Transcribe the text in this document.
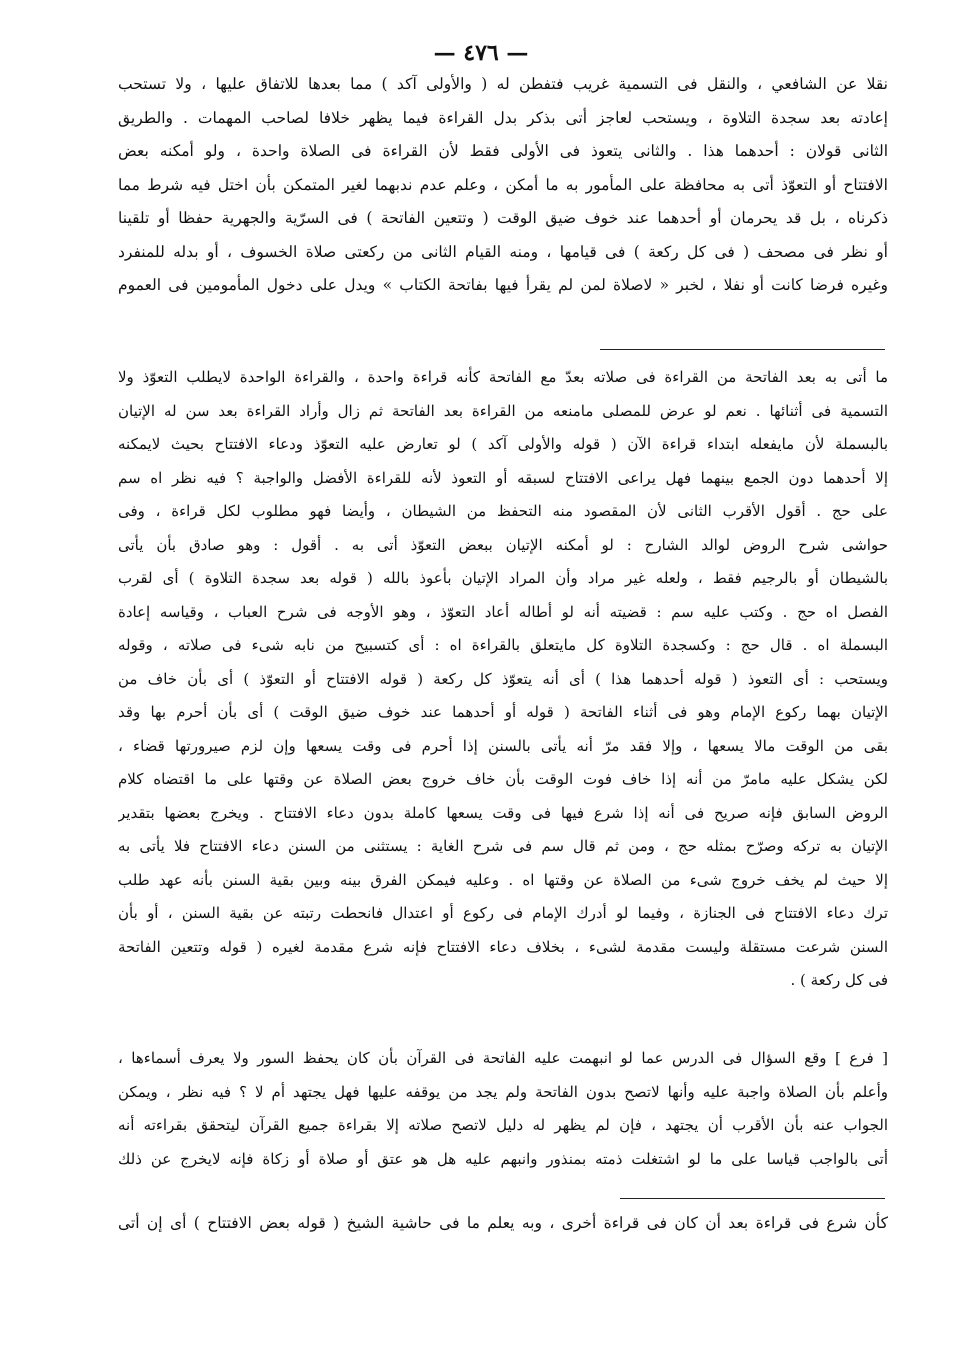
— ٤٧٦ —
نقلا عن الشافعي ، والنقل فى التسمية غريب فتفطن له ( والأولى آكد ) مما بعدها للاتفاق عليها ، ولا تستحب
إعادته بعد سجدة التلاوة ، ويستحب لعاجز أتى بذكر بدل القراءة فيما يظهر خلافا لصاحب المهمات . والطريق
الثانى قولان : أحدهما هذا . والثانى يتعوذ فى الأولى فقط لأن القراءة فى الصلاة واحدة ، ولو أمكنه بعض
الافتتاح أو التعوّذ أتى به محافظة على المأمور به ما أمكن ، وعلم عدم ندبهما لغير المتمكن بأن اختل فيه شرط مما
ذكرناه ، بل قد يحرمان أو أحدهما عند خوف ضيق الوقت ( وتتعين الفاتحة ) فى السرّية والجهرية حفظا أو تلقينا
أو نظر فى مصحف ( فى كل ركعة ) فى قيامها ، ومنه القيام الثانى من ركعتى صلاة الخسوف ، أو بدله للمنفرد
وغيره فرضا كانت أو نفلا ، لخبر « لاصلاة لمن لم يقرأ فيها بفاتحة الكتاب » ويدل على دخول المأمومين فى العموم
ما أتى به بعد الفاتحة من القراءة فى صلاته بعدّ مع الفاتحة كأنه قراءة واحدة ، والقراءة الواحدة لايطلب التعوّذ ولا
التسمية فى أثنائها . نعم لو عرض للمصلى مامنعه من القراءة بعد الفاتحة ثم زال وأراد القراءة بعد سن له الإتيان
بالبسملة لأن مايفعله ابتداء قراءة الآن ( قوله والأولى آكد ) لو تعارض عليه التعوّذ ودعاء الافتتاح بحيث لايمكنه
إلا أحدهما دون الجمع بينهما فهل يراعى الافتتاح لسبقه أو التعوذ لأنه للقراءة الأفضل والواجبة ؟ فيه نظر اه سم
على حج . أقول الأقرب الثانى لأن المقصود منه التحفظ من الشيطان ، وأيضا فهو مطلوب لكل قراءة ، وفى
حواشى شرح الروض لوالد الشارح : لو أمكنه الإتيان ببعض التعوّذ أتى به . أقول : وهو صادق بأن يأتى
بالشيطان أو بالرجيم فقط ، ولعله غير مراد وأن المراد الإتيان بأعوذ بالله ( قوله بعد سجدة التلاوة ) أى لقرب
الفصل اه حج . وكتب عليه سم : قضيته أنه لو أطاله أعاد التعوّذ ، وهو الأوجه فى شرح العباب ، وقياسه إعادة
البسملة اه . قال حج : وكسجدة التلاوة كل مايتعلق بالقراءة اه : أى كتسبيح من نابه شىء فى صلاته ، وقوله
ويستحب : أى التعوذ ( قوله أحدهما هذا ) أى أنه يتعوّذ كل ركعة ( قوله الافتتاح أو التعوّذ ) أى بأن خاف من
الإتيان بهما ركوع الإمام وهو فى أثناء الفاتحة ( قوله أو أحدهما عند خوف ضيق الوقت ) أى بأن أحرم بها وقد
بقى من الوقت مالا يسعها ، وإلا فقد مرّ أنه يأتى بالسنن إذا أحرم فى وقت يسعها وإن لزم صيرورتها قضاء ،
لكن يشكل عليه مامرّ من أنه إذا خاف فوت الوقت بأن خاف خروج بعض الصلاة عن وقتها على ما اقتضاه كلام
الروض السابق فإنه صريح فى أنه إذا شرع فيها فى وقت يسعها كاملة بدون دعاء الافتتاح . ويخرج بعضها بتقدير
الإتيان به تركه وصرّح بمثله حج ، ومن ثم قال سم فى شرح الغاية : يستثنى من السنن دعاء الافتتاح فلا يأتى به
إلا حيث لم يخف خروج شىء من الصلاة عن وقتها اه . وعليه فيمكن الفرق بينه وبين بقية السنن بأنه عهد طلب
ترك دعاء الافتتاح فى الجنازة ، وفيما لو أدرك الإمام فى ركوع أو اعتدال فانحطت رتبته عن بقية السنن ، أو بأن
السنن شرعت مستقلة وليست مقدمة لشىء ، بخلاف دعاء الافتتاح فإنه شرع مقدمة لغيره ( قوله وتتعين الفاتحة
فى كل ركعة ) .
[ فرع ] وقع السؤال فى الدرس عما لو انبهمت عليه الفاتحة فى القرآن بأن كان يحفظ السور ولا يعرف أسماءها ،
وأعلم بأن الصلاة واجبة عليه وأنها لاتصح بدون الفاتحة ولم يجد من يوقفه عليها فهل يجتهد أم لا ؟ فيه نظر ، ويمكن
الجواب عنه بأن الأقرب أن يجتهد ، فإن لم يظهر له دليل لاتصح صلاته إلا بقراءة جميع القرآن ليتحقق بقراءته أنه
أتى بالواجب قياسا على ما لو اشتغلت ذمته بمنذور وانبهم عليه هل هو عتق أو صلاة أو زكاة فإنه لايخرج عن ذلك
كأن شرع فى قراءة بعد أن كان فى قراءة أخرى ، وبه يعلم ما فى حاشية الشيخ ( قوله بعض الافتتاح ) أى إن أتى
